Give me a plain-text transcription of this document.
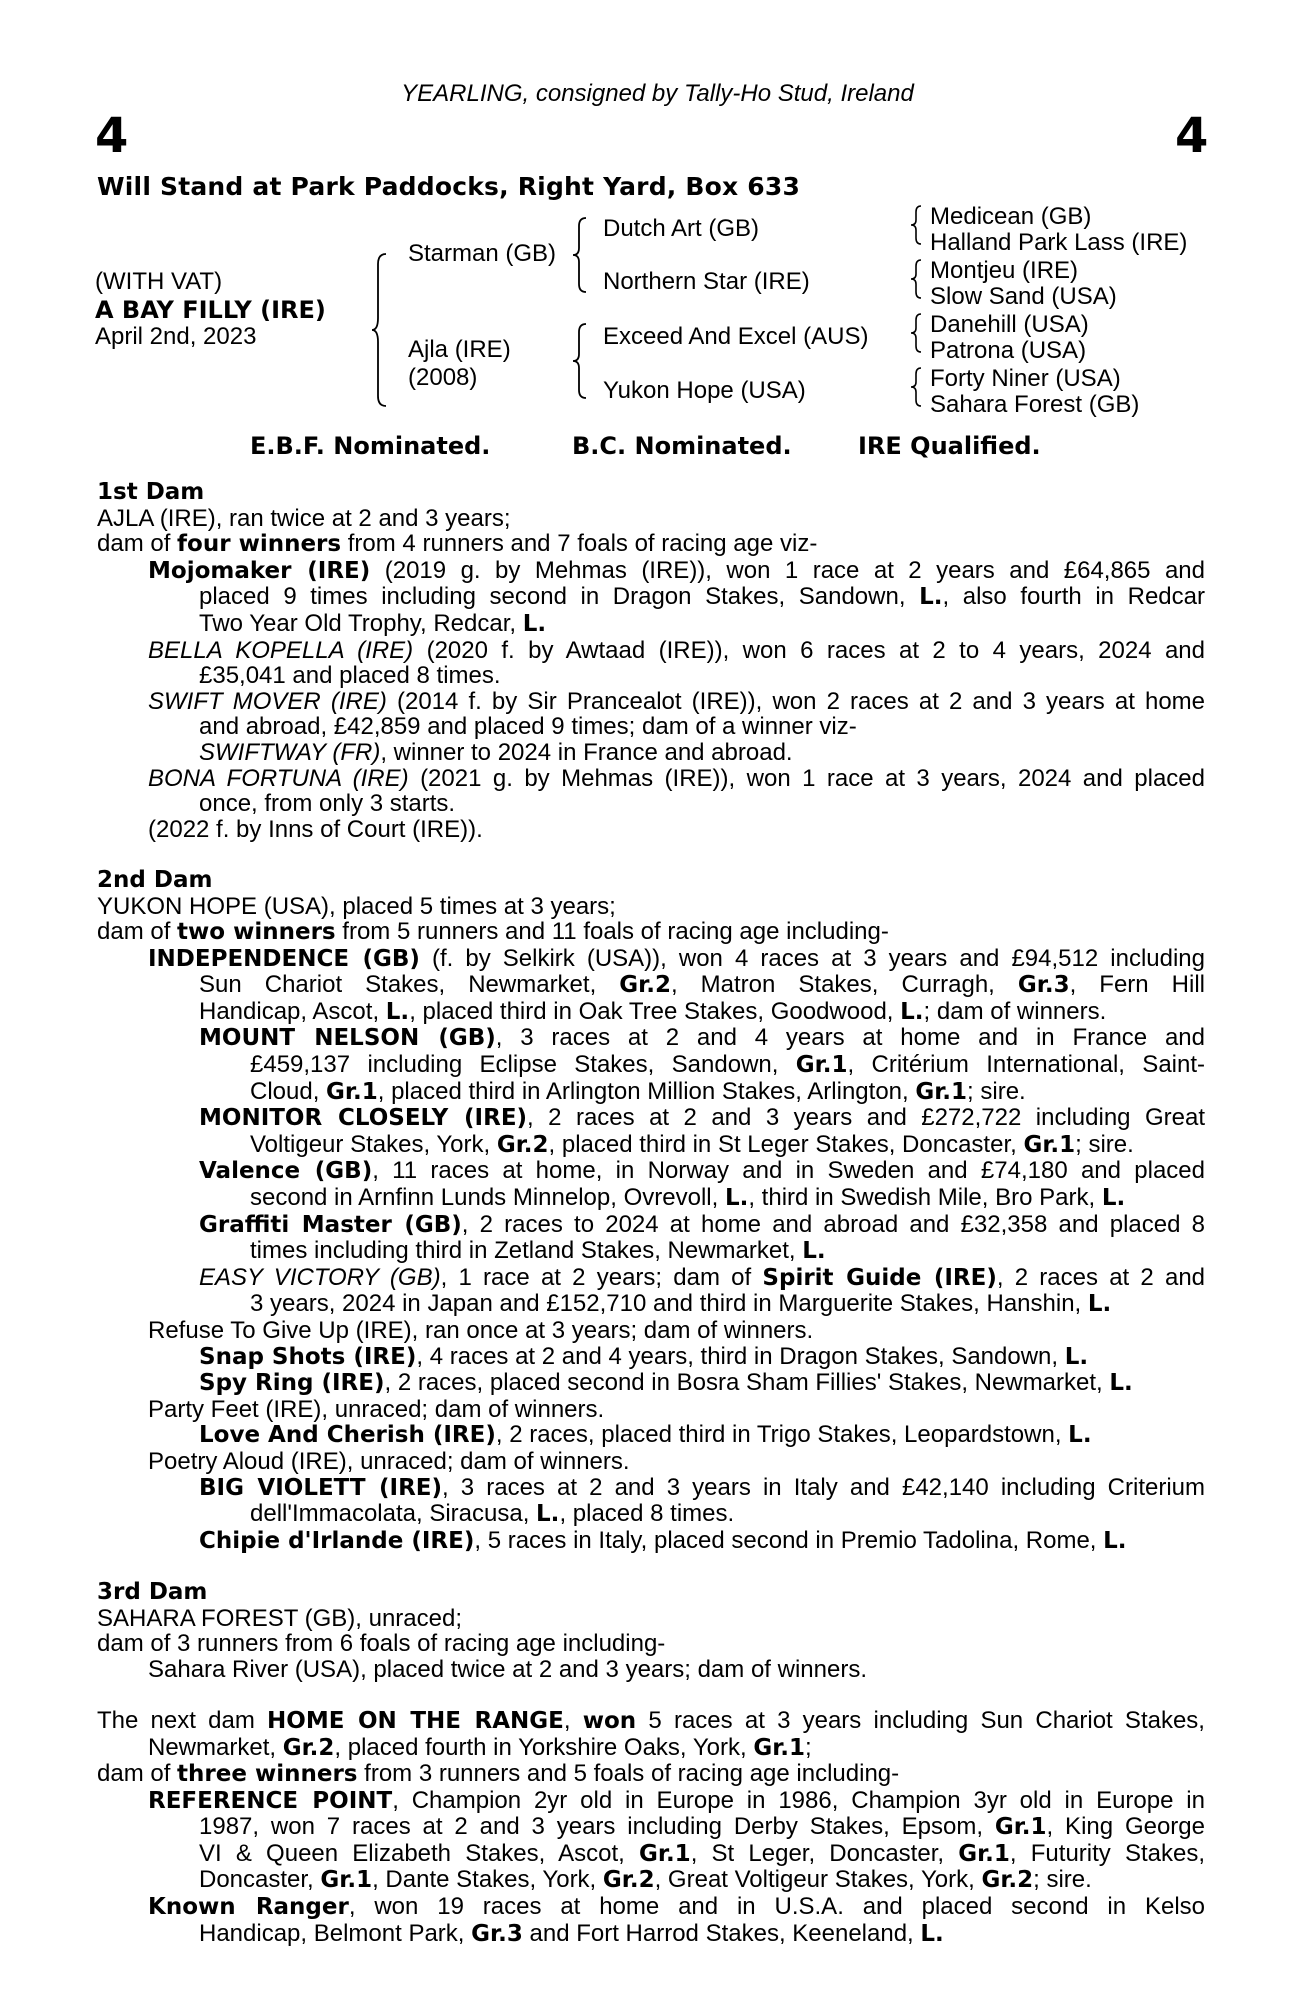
YEARLING, consigned by Tally-Ho Stud, Ireland
4	4
Will Stand at Park Paddocks, Right Yard, Box 633
(WITH VAT)
A BAY FILLY (IRE)
April 2nd, 2023
Starman (GB)
Ajla (IRE)
(2008)
Dutch Art (GB)
Northern Star (IRE)
Exceed And Excel (AUS)
Yukon Hope (USA)
Medicean (GB)
Halland Park Lass (IRE)
Montjeu (IRE)
Slow Sand (USA)
Danehill (USA)
Patrona (USA)
Forty Niner (USA)
Sahara Forest (GB)
E.B.F. Nominated.	B.C. Nominated.	IRE Qualified.
1st Dam
AJLA (IRE), ran twice at 2 and 3 years;
dam of four winners from 4 runners and 7 foals of racing age viz-
Mojomaker (IRE) (2019 g. by Mehmas (IRE)), won 1 race at 2 years and £64,865 and
placed 9 times including second in Dragon Stakes, Sandown, L., also fourth in Redcar
Two Year Old Trophy, Redcar, L.
BELLA KOPELLA (IRE) (2020 f. by Awtaad (IRE)), won 6 races at 2 to 4 years, 2024 and
£35,041 and placed 8 times.
SWIFT MOVER (IRE) (2014 f. by Sir Prancealot (IRE)), won 2 races at 2 and 3 years at home
and abroad, £42,859 and placed 9 times; dam of a winner viz-
SWIFTWAY (FR), winner to 2024 in France and abroad.
BONA FORTUNA (IRE) (2021 g. by Mehmas (IRE)), won 1 race at 3 years, 2024 and placed
once, from only 3 starts.
(2022 f. by Inns of Court (IRE)).
2nd Dam
YUKON HOPE (USA), placed 5 times at 3 years;
dam of two winners from 5 runners and 11 foals of racing age including-
INDEPENDENCE (GB) (f. by Selkirk (USA)), won 4 races at 3 years and £94,512 including
Sun Chariot Stakes, Newmarket, Gr.2, Matron Stakes, Curragh, Gr.3, Fern Hill
Handicap, Ascot, L., placed third in Oak Tree Stakes, Goodwood, L.; dam of winners.
MOUNT NELSON (GB), 3 races at 2 and 4 years at home and in France and
£459,137 including Eclipse Stakes, Sandown, Gr.1, Critérium International, Saint-
Cloud, Gr.1, placed third in Arlington Million Stakes, Arlington, Gr.1; sire.
MONITOR CLOSELY (IRE), 2 races at 2 and 3 years and £272,722 including Great
Voltigeur Stakes, York, Gr.2, placed third in St Leger Stakes, Doncaster, Gr.1; sire.
Valence (GB), 11 races at home, in Norway and in Sweden and £74,180 and placed
second in Arnfinn Lunds Minnelop, Ovrevoll, L., third in Swedish Mile, Bro Park, L.
Graffiti Master (GB), 2 races to 2024 at home and abroad and £32,358 and placed 8
times including third in Zetland Stakes, Newmarket, L.
EASY VICTORY (GB), 1 race at 2 years; dam of Spirit Guide (IRE), 2 races at 2 and
3 years, 2024 in Japan and £152,710 and third in Marguerite Stakes, Hanshin, L.
Refuse To Give Up (IRE), ran once at 3 years; dam of winners.
Snap Shots (IRE), 4 races at 2 and 4 years, third in Dragon Stakes, Sandown, L.
Spy Ring (IRE), 2 races, placed second in Bosra Sham Fillies' Stakes, Newmarket, L.
Party Feet (IRE), unraced; dam of winners.
Love And Cherish (IRE), 2 races, placed third in Trigo Stakes, Leopardstown, L.
Poetry Aloud (IRE), unraced; dam of winners.
BIG VIOLETT (IRE), 3 races at 2 and 3 years in Italy and £42,140 including Criterium
dell'Immacolata, Siracusa, L., placed 8 times.
Chipie d'Irlande (IRE), 5 races in Italy, placed second in Premio Tadolina, Rome, L.
3rd Dam
SAHARA FOREST (GB), unraced;
dam of 3 runners from 6 foals of racing age including-
Sahara River (USA), placed twice at 2 and 3 years; dam of winners.
The next dam HOME ON THE RANGE, won 5 races at 3 years including Sun Chariot Stakes,
Newmarket, Gr.2, placed fourth in Yorkshire Oaks, York, Gr.1;
dam of three winners from 3 runners and 5 foals of racing age including-
REFERENCE POINT, Champion 2yr old in Europe in 1986, Champion 3yr old in Europe in
1987, won 7 races at 2 and 3 years including Derby Stakes, Epsom, Gr.1, King George
VI & Queen Elizabeth Stakes, Ascot, Gr.1, St Leger, Doncaster, Gr.1, Futurity Stakes,
Doncaster, Gr.1, Dante Stakes, York, Gr.2, Great Voltigeur Stakes, York, Gr.2; sire.
Known Ranger, won 19 races at home and in U.S.A. and placed second in Kelso
Handicap, Belmont Park, Gr.3 and Fort Harrod Stakes, Keeneland, L.
